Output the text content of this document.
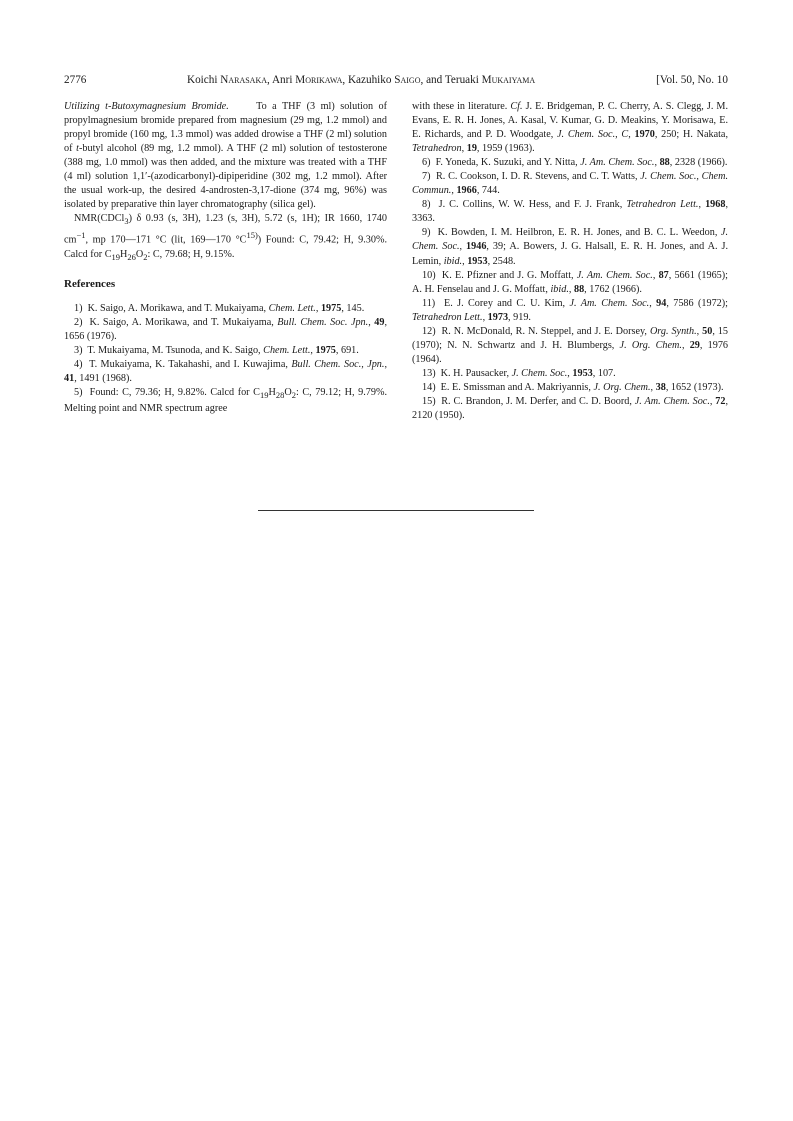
2776	Koichi Narasaka, Anri Morikawa, Kazuhiko Saigo, and Teruaki Mukaiyama	[Vol. 50, No. 10

Utilizing t-Butoxymagnesium Bromide.     To a THF (3 ml) solution of propylmagnesium bromide prepared from magnesium (29 mg, 1.2 mmol) and propyl bromide (160 mg, 1.3 mmol) was added drowise a THF (2 ml) solution of t-butyl alcohol (89 mg, 1.2 mmol). A THF (2 ml) solution of testosterone (388 mg, 1.0 mmol) was then added, and the mixture was treated with a THF (4 ml) solution 1,1′-(azodicarbonyl)-dipiperidine (302 mg, 1.2 mmol). After the usual work-up, the desired 4-androsten-3,17-dione (374 mg, 96%) was isolated by preparative thin layer chromatography (silica gel).

NMR(CDCl$_3$) δ 0.93 (s, 3H), 1.23 (s, 3H), 5.72 (s, 1H); IR 1660, 1740 $cm^{-1}$, mp 170—171 °C (lit, 169—170 $^\circ C^{15)}$) Found: C, 79.42; H, 9.30%. Calcd for $C_{19}H_{26}O_2$: C, 79.68; H, 9.15%.

References

1)  K. Saigo, A. Morikawa, and T. Mukaiyama, Chem. Lett., 1975, 145.

2)  K. Saigo, A. Morikawa, and T. Mukaiyama, Bull. Chem. Soc. Jpn., 49, 1656 (1976).

3)  T. Mukaiyama, M. Tsunoda, and K. Saigo, Chem. Lett., 1975, 691.

4)  T. Mukaiyama, K. Takahashi, and I. Kuwajima, Bull. Chem. Soc., Jpn., 41, 1491 (1968).

5)  Found: C, 79.36; H, 9.82%. Calcd for $C_{19}H_{28}O_2$: C, 79.12; H, 9.79%. Melting point and NMR spectrum agree

with these in literature. Cf. J. E. Bridgeman, P. C. Cherry, A. S. Clegg, J. M. Evans, E. R. H. Jones, A. Kasal, V. Kumar, G. D. Meakins, Y. Morisawa, E. E. Richards, and P. D. Woodgate, J. Chem. Soc., C, 1970, 250; H. Nakata, Tetrahedron, 19, 1959 (1963).

6)  F. Yoneda, K. Suzuki, and Y. Nitta, J. Am. Chem. Soc., 88, 2328 (1966).

7)  R. C. Cookson, I. D. R. Stevens, and C. T. Watts, J. Chem. Soc., Chem. Commun., 1966, 744.

8)  J. C. Collins, W. W. Hess, and F. J. Frank, Tetrahedron Lett., 1968, 3363.

9)  K. Bowden, I. M. Heilbron, E. R. H. Jones, and B. C. L. Weedon, J. Chem. Soc., 1946, 39; A. Bowers, J. G. Halsall, E. R. H. Jones, and A. J. Lemin, ibid., 1953, 2548.

10)  K. E. Pfizner and J. G. Moffatt, J. Am. Chem. Soc., 87, 5661 (1965); A. H. Fenselau and J. G. Moffatt, ibid., 88, 1762 (1966).

11)  E. J. Corey and C. U. Kim, J. Am. Chem. Soc., 94, 7586 (1972); Tetrahedron Lett., 1973, 919.

12)  R. N. McDonald, R. N. Steppel, and J. E. Dorsey, Org. Synth., 50, 15 (1970); N. N. Schwartz and J. H. Blumbergs, J. Org. Chem., 29, 1976 (1964).

13)  K. H. Pausacker, J. Chem. Soc., 1953, 107.

14)  E. E. Smissman and A. Makriyannis, J. Org. Chem., 38, 1652 (1973).

15)  R. C. Brandon, J. M. Derfer, and C. D. Boord, J. Am. Chem. Soc., 72, 2120 (1950).
